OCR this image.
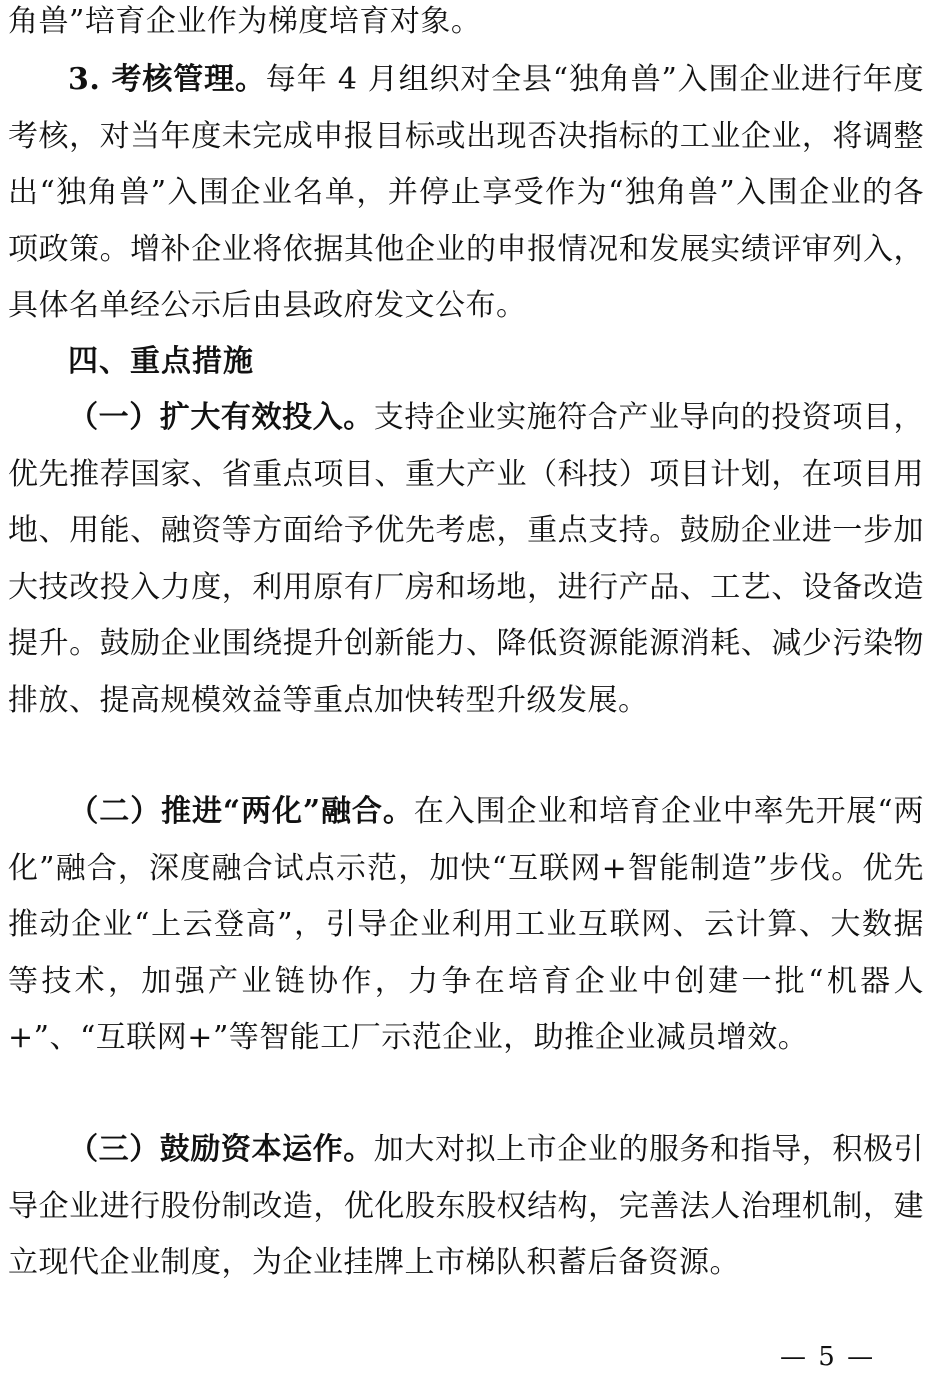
角兽”培育企业作为梯度培育对象。

3. 考核管理。每年 4 月组织对全县“独角兽”入围企业进行年度考核，对当年度未完成申报目标或出现否决指标的工业企业，将调整出“独角兽”入围企业名单，并停止享受作为“独角兽”入围企业的各项政策。增补企业将依据其他企业的申报情况和发展实绩评审列入，具体名单经公示后由县政府发文公布。

四、重点措施

（一）扩大有效投入。支持企业实施符合产业导向的投资项目，优先推荐国家、省重点项目、重大产业（科技）项目计划，在项目用地、用能、融资等方面给予优先考虑，重点支持。鼓励企业进一步加大技改投入力度，利用原有厂房和场地，进行产品、工艺、设备改造提升。鼓励企业围绕提升创新能力、降低资源能源消耗、减少污染物排放、提高规模效益等重点加快转型升级发展。

（二）推进“两化”融合。在入围企业和培育企业中率先开展“两化”融合，深度融合试点示范，加快“互联网+智能制造”步伐。优先推动企业“上云登高”，引导企业利用工业互联网、云计算、大数据等技术，加强产业链协作，力争在培育企业中创建一批“机器人+”、“互联网+”等智能工厂示范企业，助推企业减员增效。

（三）鼓励资本运作。加大对拟上市企业的服务和指导，积极引导企业进行股份制改造，优化股东股权结构，完善法人治理机制，建立现代企业制度，为企业挂牌上市梯队积蓄后备资源。

— 5 —
